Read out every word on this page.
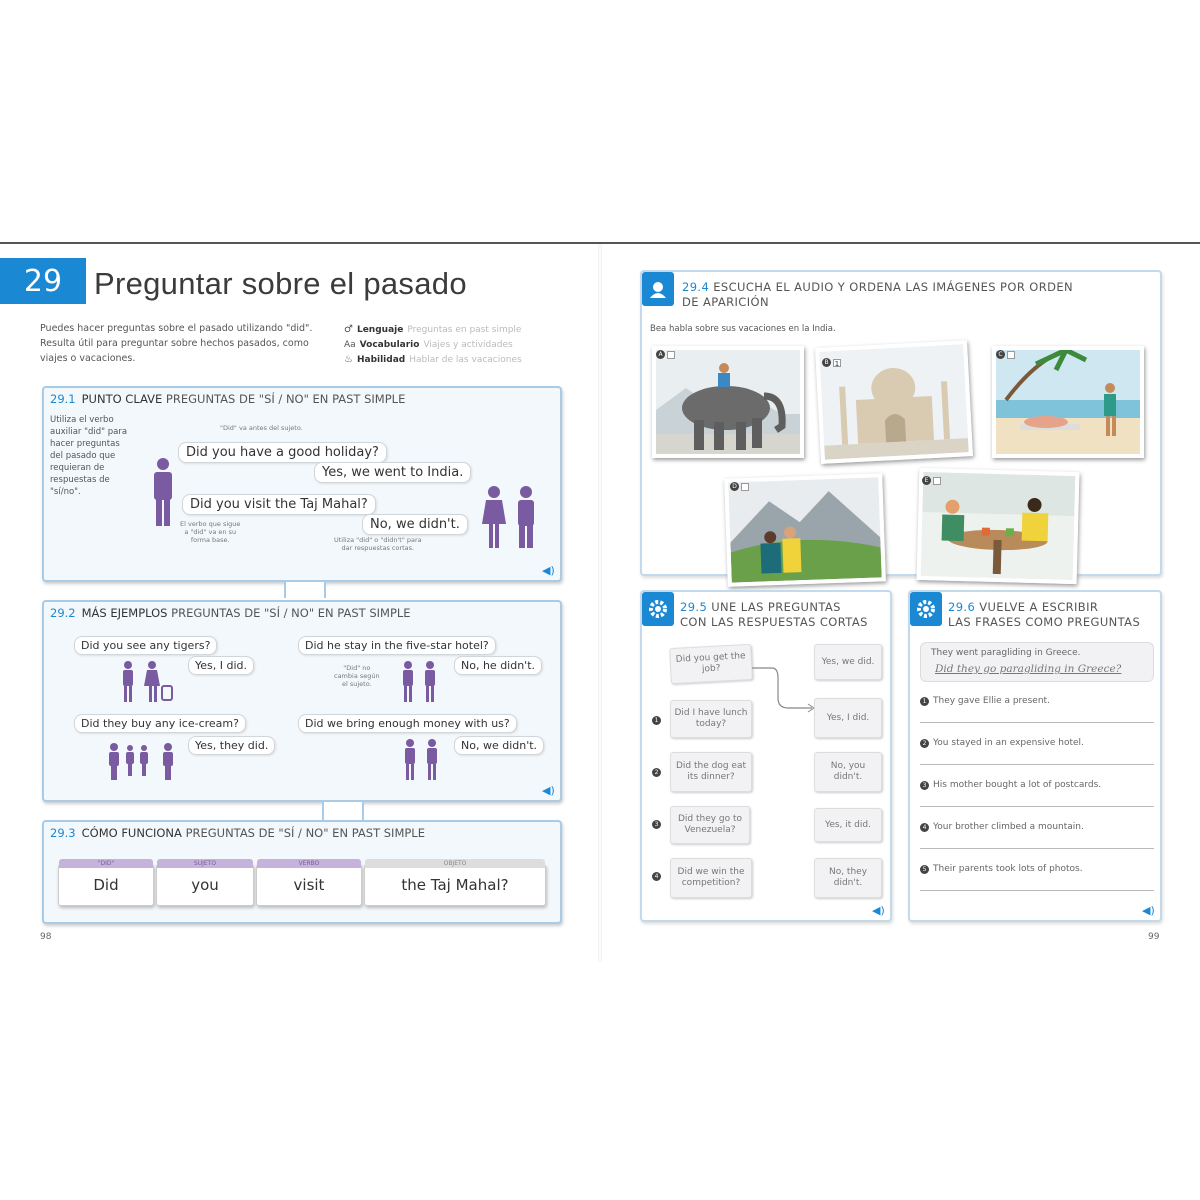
29	Preguntar sobre el pasado
Puedes hacer preguntas sobre el pasado utilizando "did".
Resulta útil para preguntar sobre hechos pasados, como
viajes o vacaciones.
♂ Lenguaje Preguntas en past simple
Aa Vocabulario Viajes y actividades
♨ Habilidad Hablar de las vacaciones
29.1 PUNTO CLAVE PREGUNTAS DE "SÍ / NO" EN PAST SIMPLE
Utiliza el verbo
auxiliar "did" para
hacer preguntas
del pasado que
requieran de
respuestas de
"sí/no".
"Did" va antes del sujeto.
Did you have a good holiday?
Yes, we went to India.
Did you visit the Taj Mahal?
No, we didn't.
El verbo que sigue
a "did" va en su
forma base.	Utiliza "did" o "didn't" para
dar respuestas cortas.
◀)
29.2 MÁS EJEMPLOS PREGUNTAS DE "SÍ / NO" EN PAST SIMPLE
Did you see any tigers?
Yes, I did.
Did he stay in the five-star hotel?
No, he didn't.
"Did" no
cambia según
el sujeto.
Did they buy any ice-cream?
Yes, they did.
Did we bring enough money with us?
No, we didn't.
◀)
29.3 CÓMO FUNCIONA PREGUNTAS DE "SÍ / NO" EN PAST SIMPLE
"DID"
Did
SUJETO
you
VERBO
visit
OBJETO
the Taj Mahal?
98
29.4 ESCUCHA EL AUDIO Y ORDENA LAS IMÁGENES POR ORDEN
DE APARICIÓN
Bea habla sobre sus vacaciones en la India.
A
B 1
C
D
E
29.5 UNE LAS PREGUNTAS
CON LAS RESPUESTAS CORTAS
Did you get the job?
Yes, we did.
1
Did I have lunch today?
Yes, I did.
2
Did the dog eat its dinner?
No, you didn't.
3
Did they go to Venezuela?
Yes, it did.
4	Did we win the competition?
No, they didn't.
◀)
29.6 VUELVE A ESCRIBIR
LAS FRASES COMO PREGUNTAS
They went paragliding in Greece.
Did they go paragliding in Greece?
1 They gave Ellie a present.
2 You stayed in an expensive hotel.
3 His mother bought a lot of postcards.
4 Your brother climbed a mountain.
5 Their parents took lots of photos.
◀)
99
